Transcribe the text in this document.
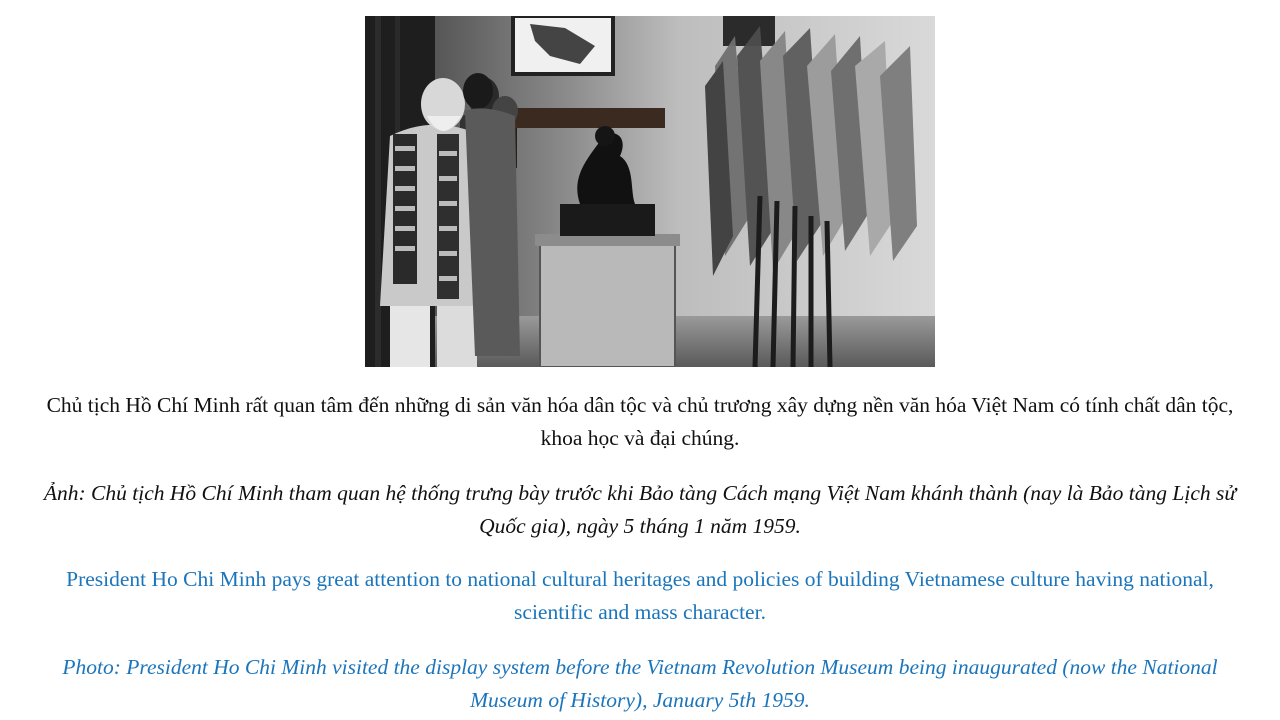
Chủ tịch Hồ Chí Minh rất quan tâm đến những di sản văn hóa dân tộc và chủ trương xây dựng nền văn hóa Việt Nam có tính chất dân tộc, khoa học và đại chúng.

Ảnh: Chủ tịch Hồ Chí Minh tham quan hệ thống trưng bày trước khi Bảo tàng Cách mạng Việt Nam khánh thành (nay là Bảo tàng Lịch sử Quốc gia), ngày 5 tháng 1 năm 1959.

President Ho Chi Minh pays great attention to national cultural heritages and policies of building Vietnamese culture having national, scientific and mass character.

Photo: President Ho Chi Minh visited the display system before the Vietnam Revolution Museum being inaugurated (now the National Museum of History), January 5th 1959.
